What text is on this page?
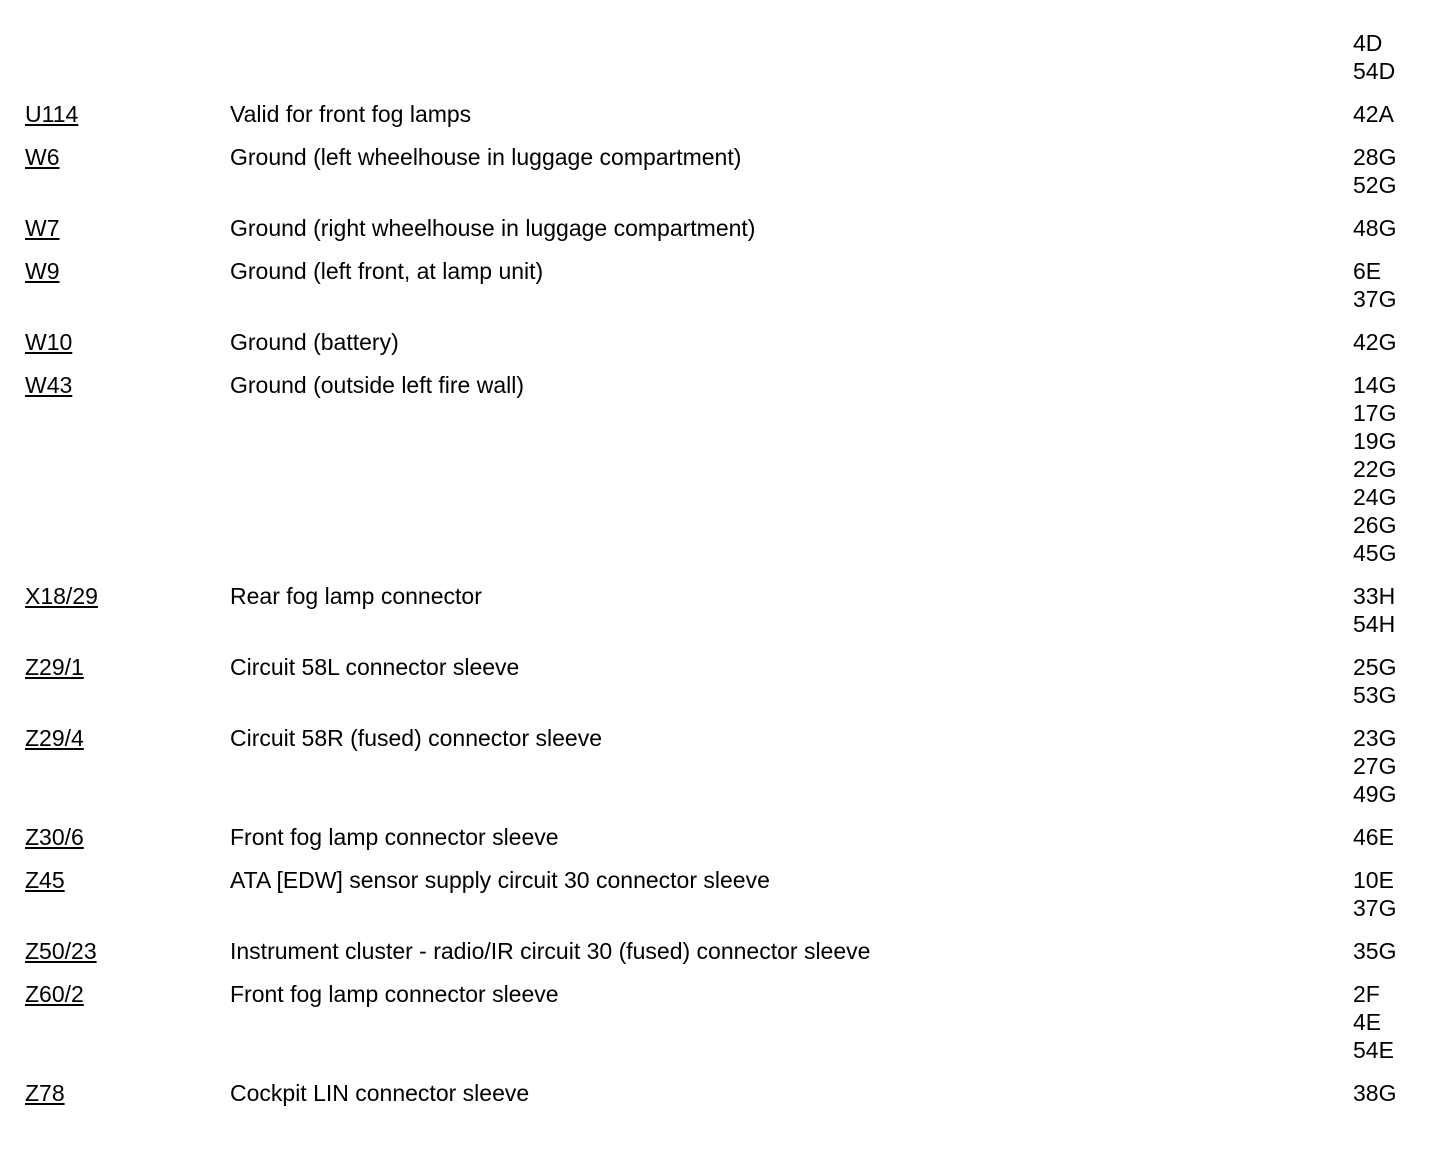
4D
54D
U114	Valid for front fog lamps	42A
W6	Ground (left wheelhouse in luggage compartment)	28G
52G
W7	Ground (right wheelhouse in luggage compartment)	48G
W9	Ground (left front, at lamp unit)	6E
37G
W10	Ground (battery)	42G
W43	Ground (outside left fire wall)	14G
17G
19G
22G
24G
26G
45G
X18/29	Rear fog lamp connector	33H
54H
Z29/1	Circuit 58L connector sleeve	25G
53G
Z29/4	Circuit 58R (fused) connector sleeve	23G
27G
49G
Z30/6	Front fog lamp connector sleeve	46E
Z45	ATA [EDW] sensor supply circuit 30 connector sleeve	10E
37G
Z50/23	Instrument cluster - radio/IR circuit 30 (fused) connector sleeve	35G
Z60/2	Front fog lamp connector sleeve	2F
4E
54E
Z78	Cockpit LIN connector sleeve	38G
